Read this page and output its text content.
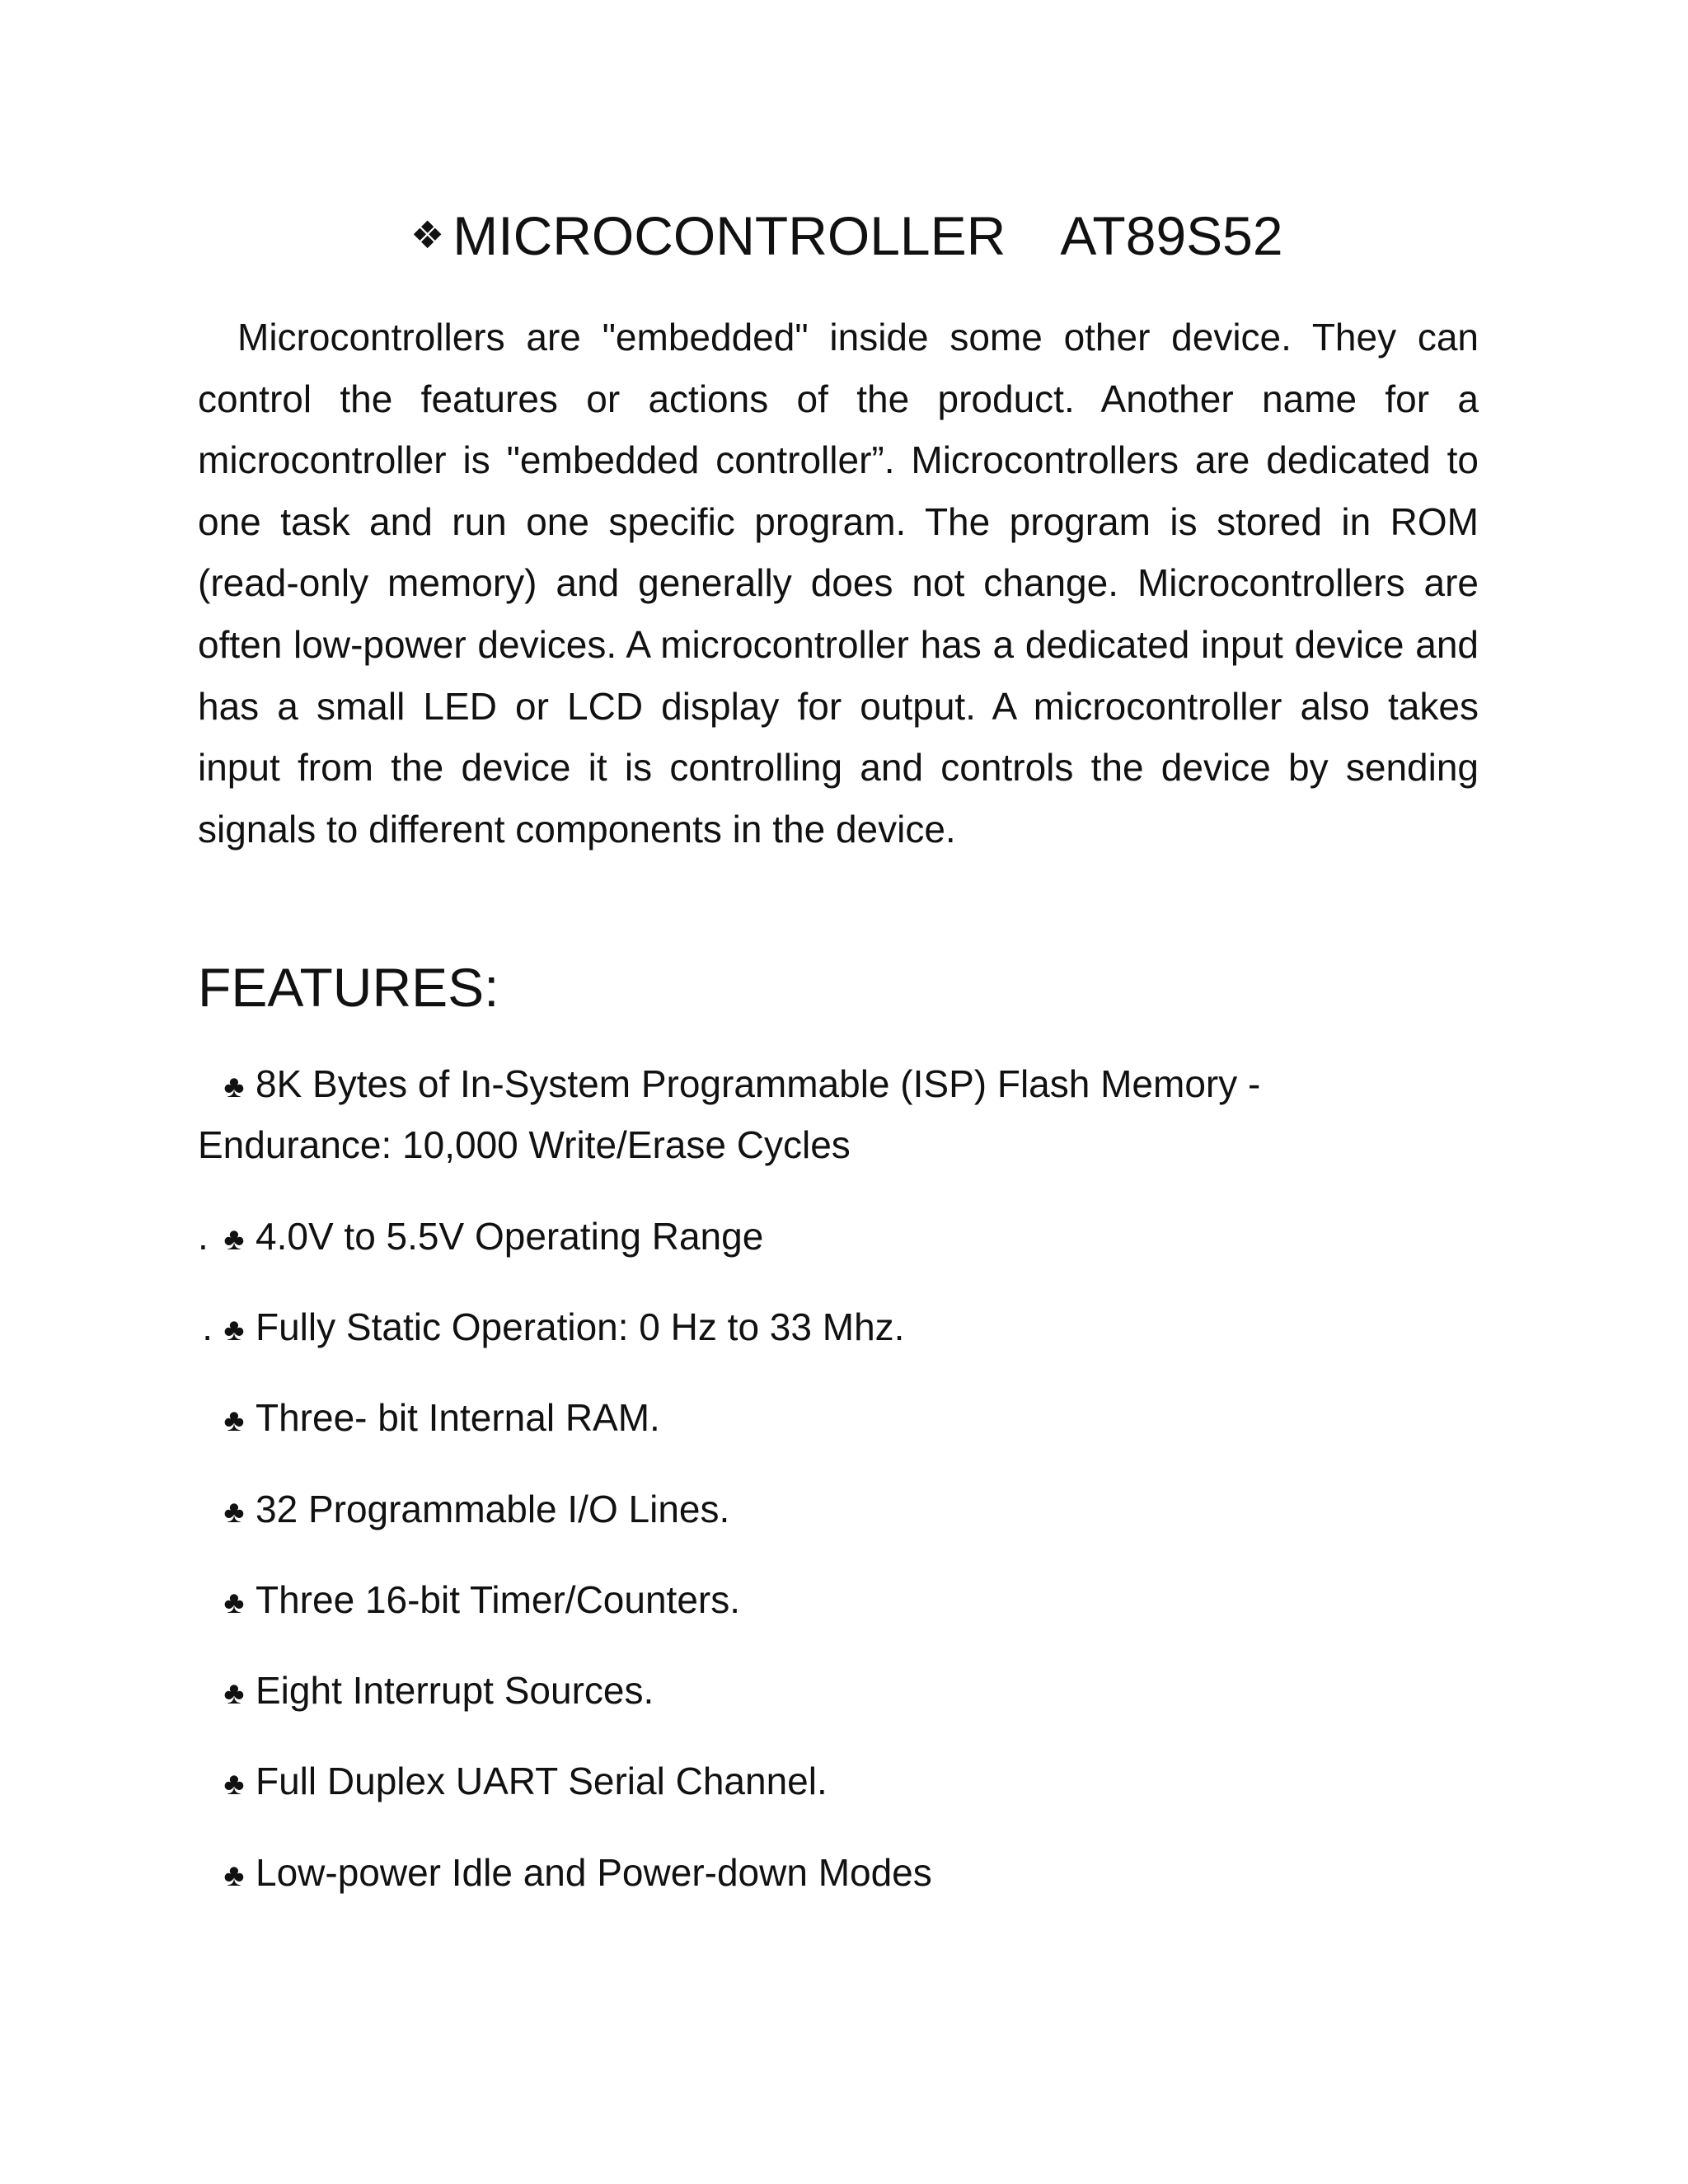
❖ MICROCONTROLLER AT89S52

Microcontrollers are "embedded" inside some other device. They can control the features or actions of the product. Another name for a microcontroller is "embedded controller”. Microcontrollers are dedicated to one task and run one specific program. The program is stored in ROM (read-only memory) and generally does not change. Microcontrollers are often low-power devices. A microcontroller has a dedicated input device and has a small LED or LCD display for output. A microcontroller also takes input from the device it is controlling and controls the device by sending signals to different components in the device.

FEATURES:
♣ 8K Bytes of In-System Programmable (ISP) Flash Memory -
Endurance: 10,000 Write/Erase Cycles
. ♣ 4.0V to 5.5V Operating Range
. ♣ Fully Static Operation: 0 Hz to 33 Mhz.
♣ Three- bit Internal RAM.
♣ 32 Programmable I/O Lines.
♣ Three 16-bit Timer/Counters.
♣ Eight Interrupt Sources.
♣ Full Duplex UART Serial Channel.
♣ Low-power Idle and Power-down Modes
